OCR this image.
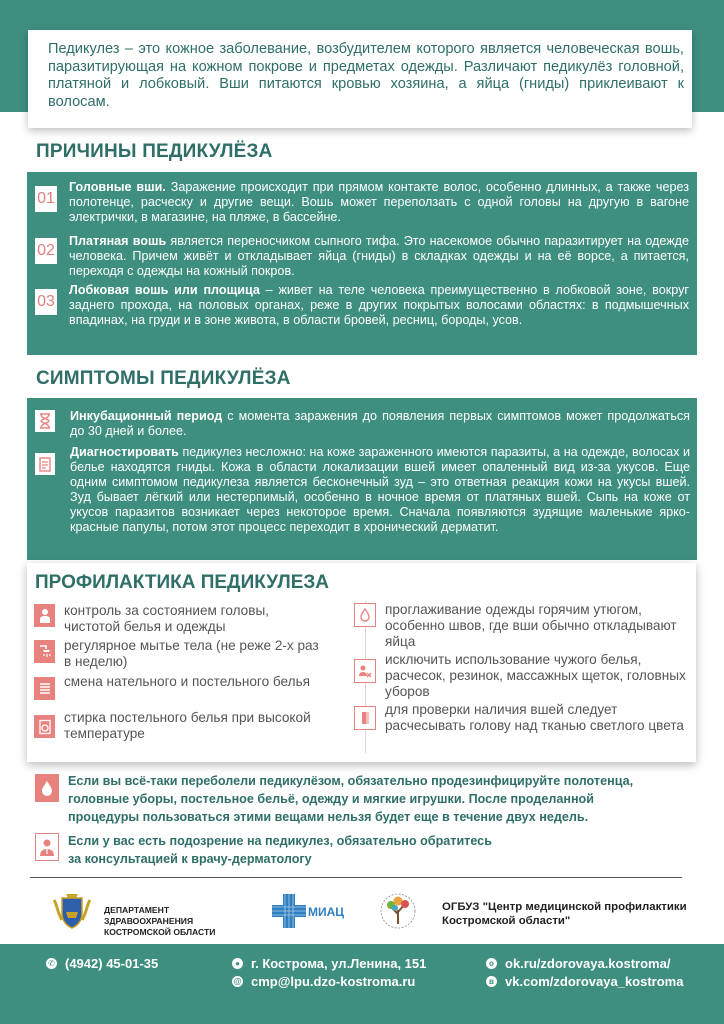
Педикулез – это кожное заболевание, возбудителем которого является человеческая вошь, паразитирующая на кожном покрове и предметах одежды. Различают педикулёз головной, платяной и лобковый. Вши питаются кровью хозяина, а яйца (гниды) приклеивают к волосам.

ПРИЧИНЫ ПЕДИКУЛЁЗА
01
Головные вши. Заражение происходит при прямом контакте волос, особенно длинных, а также через полотенце, расческу и другие вещи. Вошь может переползать с одной головы на другую в вагоне электрички, в магазине, на пляже, в бассейне.
02
Платяная вошь является переносчиком сыпного тифа. Это насекомое обычно паразитирует на одежде человека. Причем живёт и откладывает яйца (гниды) в складках одежды и на её ворсе, а питается, переходя с одежды на кожный покров.
03
Лобковая вошь или площица – живет на теле человека преимущественно в лобковой зоне, вокруг заднего прохода, на половых органах, реже в других покрытых волосами областях: в подмышечных впадинах, на груди и в зоне живота, в области бровей, ресниц, бороды, усов.
СИМПТОМЫ ПЕДИКУЛЁЗА
Инкубационный период с момента заражения до появления первых симптомов может продолжаться до 30 дней и более.
Диагностировать педикулез несложно: на коже зараженного имеются паразиты, а на одежде, волосах и белье находятся гниды. Кожа в области локализации вшей имеет опаленный вид из-за укусов. Еще одним симптомом педикулеза является бесконечный зуд – это ответная реакция кожи на укусы вшей. Зуд бывает лёгкий или нестерпимый, особенно в ночное время от платяных вшей. Сыпь на коже от укусов паразитов возникает через некоторое время. Сначала появляются зудящие маленькие ярко-красные папулы, потом этот процесс переходит в хронический дерматит.
ПРОФИЛАКТИКА ПЕДИКУЛЕЗА
контроль за состоянием головы, чистотой белья и одежды
регулярное мытье тела (не реже 2-х раз в неделю)
смена нательного и постельного белья
стирка постельного белья при высокой температуре
проглаживание одежды горячим утюгом, особенно швов, где вши обычно откладывают яйца
исключить использование чужого белья, расчесок, резинок, массажных щеток, головных уборов
для проверки наличия вшей следует расчесывать голову над тканью светлого цвета
Если вы всё-таки переболели педикулёзом, обязательно продезинфицируйте полотенца, головные уборы, постельное бельё, одежду и мягкие игрушки. После проделанной процедуры пользоваться этими вещами нельзя будет еще в течение двух недель.
Если у вас есть подозрение на педикулез, обязательно обратитесь за консультацией к врачу-дерматологу
ДЕПАРТАМЕНТ ЗДРАВООХРАНЕНИЯ КОСТРОМСКОЙ ОБЛАСТИ
МИАЦ	ОГБУЗ "Центр медицинской профилактики Костромской области"
✆ (4942) 45-01-35	● г. Кострома, ул.Ленина, 151
@ cmp@lpu.dzo-kostroma.ru
о ok.ru/zdorovaya.kostroma/
в vk.com/zdorovaya_kostroma
